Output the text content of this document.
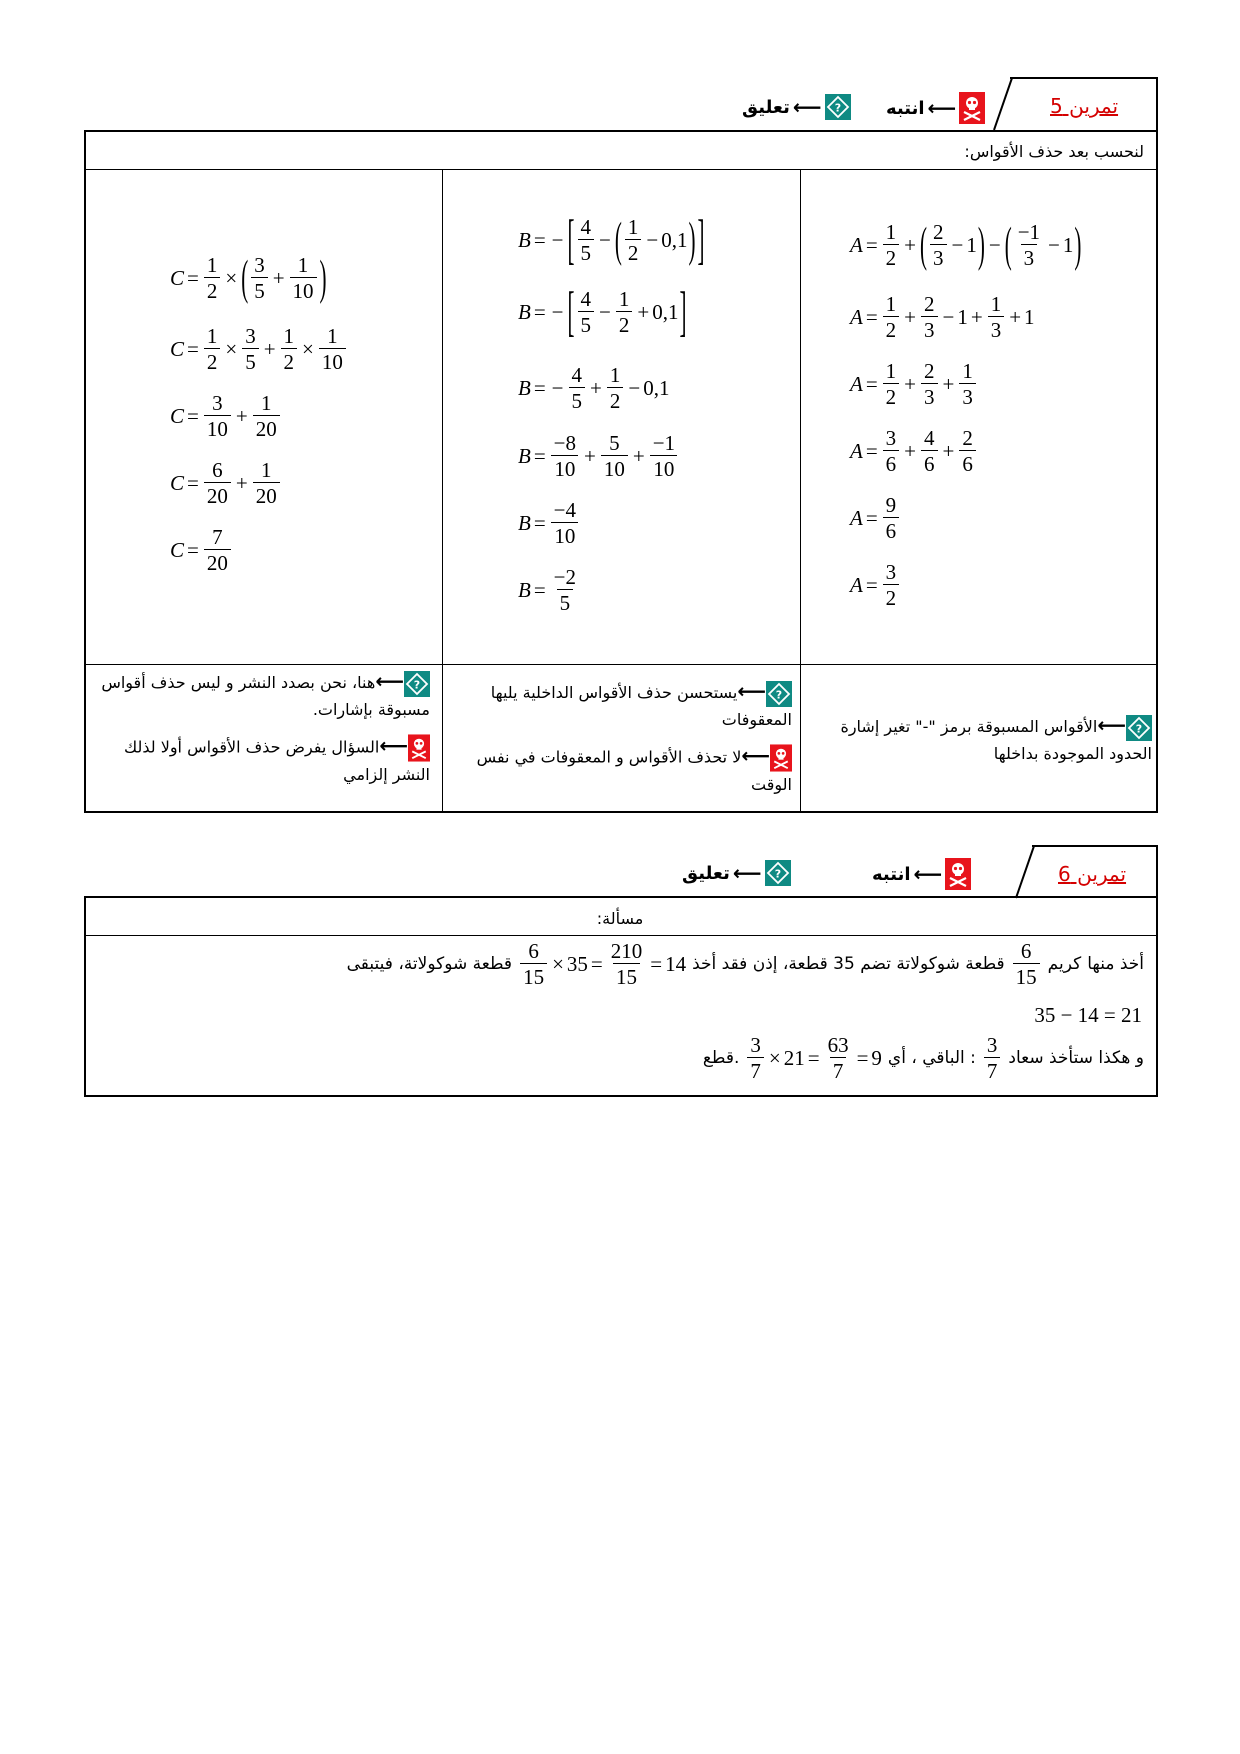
تمرين 5
⟵
انتبه
⟵
تعليق
لنحسب بعد حذف الأقواس:
$A = \frac{1}{2}$ + ( 2
3
− 1 ) − ( −1
3
− 1 )
$A = \frac{1}{2} + \frac{2}{3} - 1 + \frac{1}{3} + 1$
$A = \frac{1}{2} + \frac{2}{3} + \frac{1}{3}$
$A = \frac{3}{6} + \frac{4}{6} + \frac{2}{6}$
$A = \frac{9}{6}$
$A = \frac{3}{2}$
B = − [ 4
5
− ( 1
2
− 0,1 ) ]
B = − [ 4
5
− $\frac{1}{2} + 0,1$ ]
B = − $\frac{4}{5} + \frac{1}{2} - 0,1$
$B = \frac{-8}{10} + \frac{5}{10} + \frac{-1}{10}$
$B = \frac{-4}{10}$
$B = \frac{-2}{5}$
$C = \frac{1}{2}$ × ( 3
5
+ $\frac{1}{10}$ )
$C = \frac{1}{2} \times \frac{3}{5} + \frac{1}{2} \times \frac{1}{10}$
$C = \frac{3}{10} + \frac{1}{20}$
$C = \frac{6}{20} + \frac{1}{20}$
$C = \frac{7}{20}$
⟵الأقواس المسبوقة برمز "-" تغير إشارة الحدود الموجودة بداخلها
⟵يستحسن حذف الأقواس الداخلية يليها المعقوفات
⟵لا تحذف الأقواس و المعقوفات في نفس الوقت
⟵هنا، نحن بصدد النشر و ليس حذف أقواس مسبوقة بإشارات.
⟵السؤال يفرض حذف الأقواس أولا لذلك النشر إلزامي
تمرين 6
⟵
انتبه
⟵
تعليق
مسألة:
أخذ منها
كريم
6
15
قطعة شوكولاتة تضم 35 قطعة، إذن فقد أخذ
$\frac{6}{15} \times 35 = \frac{210}{15} = 14$
قطعة شوكولاتة، فيتبقى
35 − 14 = 21
و هكذا ستأخذ سعاد
3
7
الباقي ، أي :
$\frac{3}{7} \times 21 = \frac{63}{7} = 9$
قطع.
